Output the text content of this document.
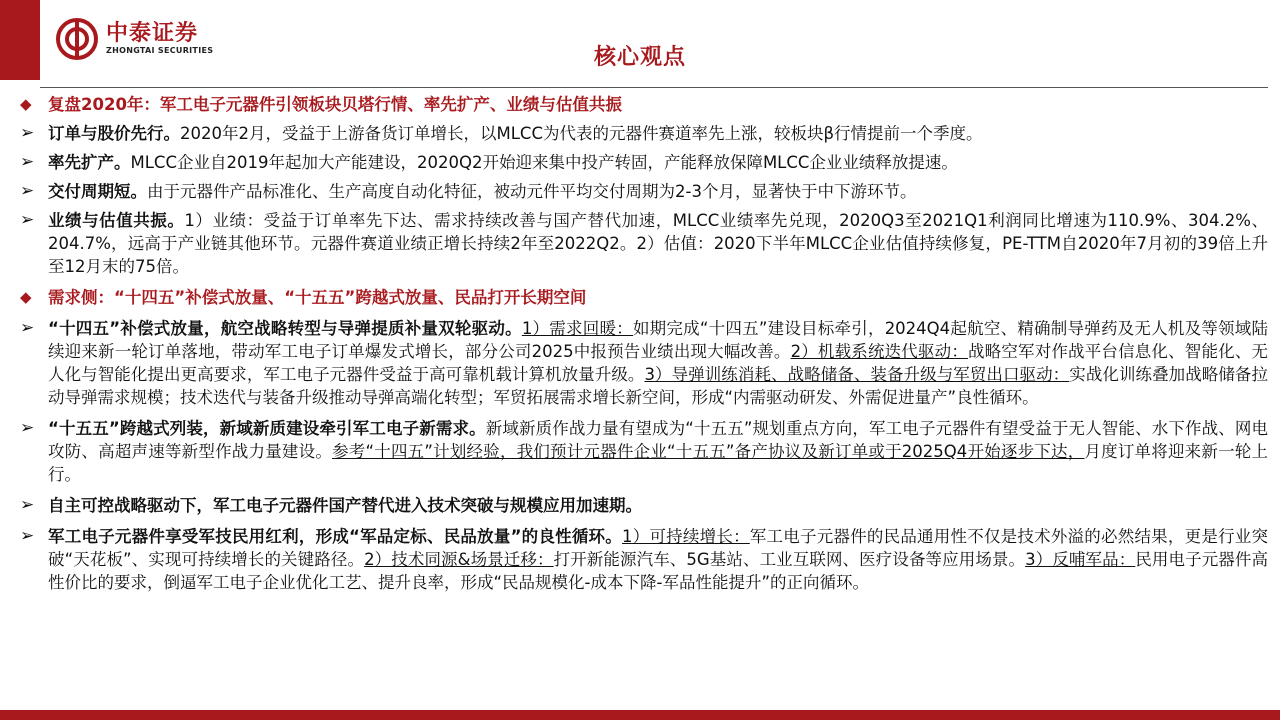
中泰证券
ZHONGTAI SECURITIES	核心观点
◆ 复盘2020年：军工电子元器件引领板块贝塔行情、率先扩产、业绩与估值共振
➢ 订单与股价先行。2020年2月，受益于上游备货订单增长，以MLCC为代表的元器件赛道率先上涨，较板块β行情提前一个季度。
➢ 率先扩产。MLCC企业自2019年起加大产能建设，2020Q2开始迎来集中投产转固，产能释放保障MLCC企业业绩释放提速。
➢ 交付周期短。由于元器件产品标准化、生产高度自动化特征，被动元件平均交付周期为2-3个月，显著快于中下游环节。
➢ 业绩与估值共振。1）业绩：受益于订单率先下达、需求持续改善与国产替代加速，MLCC业绩率先兑现，2020Q3至2021Q1利润同比增速为110.9%、304.2%、204.7%，远高于产业链其他环节。元器件赛道业绩正增长持续2年至2022Q2。2）估值：2020下半年MLCC企业估值持续修复，PE-TTM自2020年7月初的39倍上升至12月末的75倍。
◆ 需求侧：“十四五”补偿式放量、“十五五”跨越式放量、民品打开长期空间
➢ “十四五”补偿式放量，航空战略转型与导弹提质补量双轮驱动。1）需求回暖：如期完成“十四五”建设目标牵引，2024Q4起航空、精确制导弹药及无人机及等领域陆续迎来新一轮订单落地，带动军工电子订单爆发式增长，部分公司2025中报预告业绩出现大幅改善。2）机载系统迭代驱动：战略空军对作战平台信息化、智能化、无人化与智能化提出更高要求，军工电子元器件受益于高可靠机载计算机放量升级。3）导弹训练消耗、战略储备、装备升级与军贸出口驱动：实战化训练叠加战略储备拉动导弹需求规模；技术迭代与装备升级推动导弹高端化转型；军贸拓展需求增长新空间，形成“内需驱动研发、外需促进量产”良性循环。
➢ “十五五”跨越式列装，新域新质建设牵引军工电子新需求。新域新质作战力量有望成为“十五五”规划重点方向，军工电子元器件有望受益于无人智能、水下作战、网电攻防、高超声速等新型作战力量建设。参考“十四五”计划经验，我们预计元器件企业“十五五”备产协议及新订单或于2025Q4开始逐步下达，月度订单将迎来新一轮上行。
➢ 自主可控战略驱动下，军工电子元器件国产替代进入技术突破与规模应用加速期。
➢ 军工电子元器件享受军技民用红利，形成“军品定标、民品放量”的良性循环。1）可持续增长：军工电子元器件的民品通用性不仅是技术外溢的必然结果，更是行业突破“天花板”、实现可持续增长的关键路径。2）技术同源&场景迁移：打开新能源汽车、5G基站、工业互联网、医疗设备等应用场景。3）反哺军品：民用电子元器件高性价比的要求，倒逼军工电子企业优化工艺、提升良率，形成“民品规模化-成本下降-军品性能提升”的正向循环。
